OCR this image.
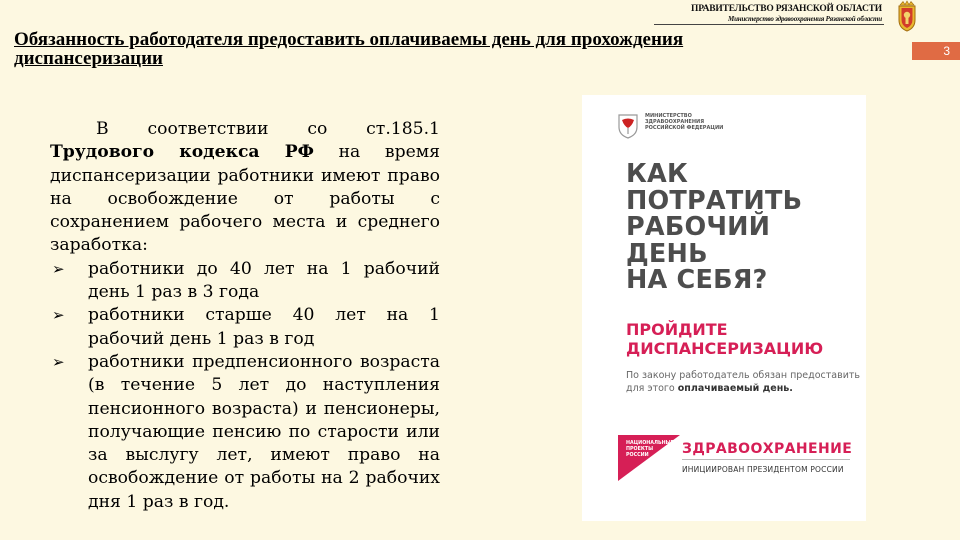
ПРАВИТЕЛЬСТВО РЯЗАНСКОЙ ОБЛАСТИ
Министерство здравоохранения Рязанской области
3
Обязанность работодателя предоставить оплачиваемы день для прохождения диспансеризации

В соответствии со ст.185.1 Трудового кодекса РФ на время диспансеризации работники имеют право на освобождение от работы с сохранением рабочего места и среднего заработка:

➢ работники до 40 лет на 1 рабочий день 1 раз в 3 года
➢ работники старше 40 лет на 1 рабочий день 1 раз в год
➢ работники предпенсионного возраста (в течение 5 лет до наступления пенсионного возраста) и пенсионеры, получающие пенсию по старости или за выслугу лет, имеют право на освобождение от работы на 2 рабочих дня 1 раз в год.
МИНИСТЕРСТВО
ЗДРАВООХРАНЕНИЯ
РОССИЙСКОЙ ФЕДЕРАЦИИ
КАК
ПОТРАТИТЬ
РАБОЧИЙ
ДЕНЬ
НА СЕБЯ?
ПРОЙДИТЕ
ДИСПАНСЕРИЗАЦИЮ
По закону работодатель обязан предоставить для этого оплачиваемый день.
НАЦИОНАЛЬНЫЕ
ПРОЕКТЫ
РОССИИ	ЗДРАВООХРАНЕНИЕ
ИНИЦИИРОВАН ПРЕЗИДЕНТОМ РОССИИ
